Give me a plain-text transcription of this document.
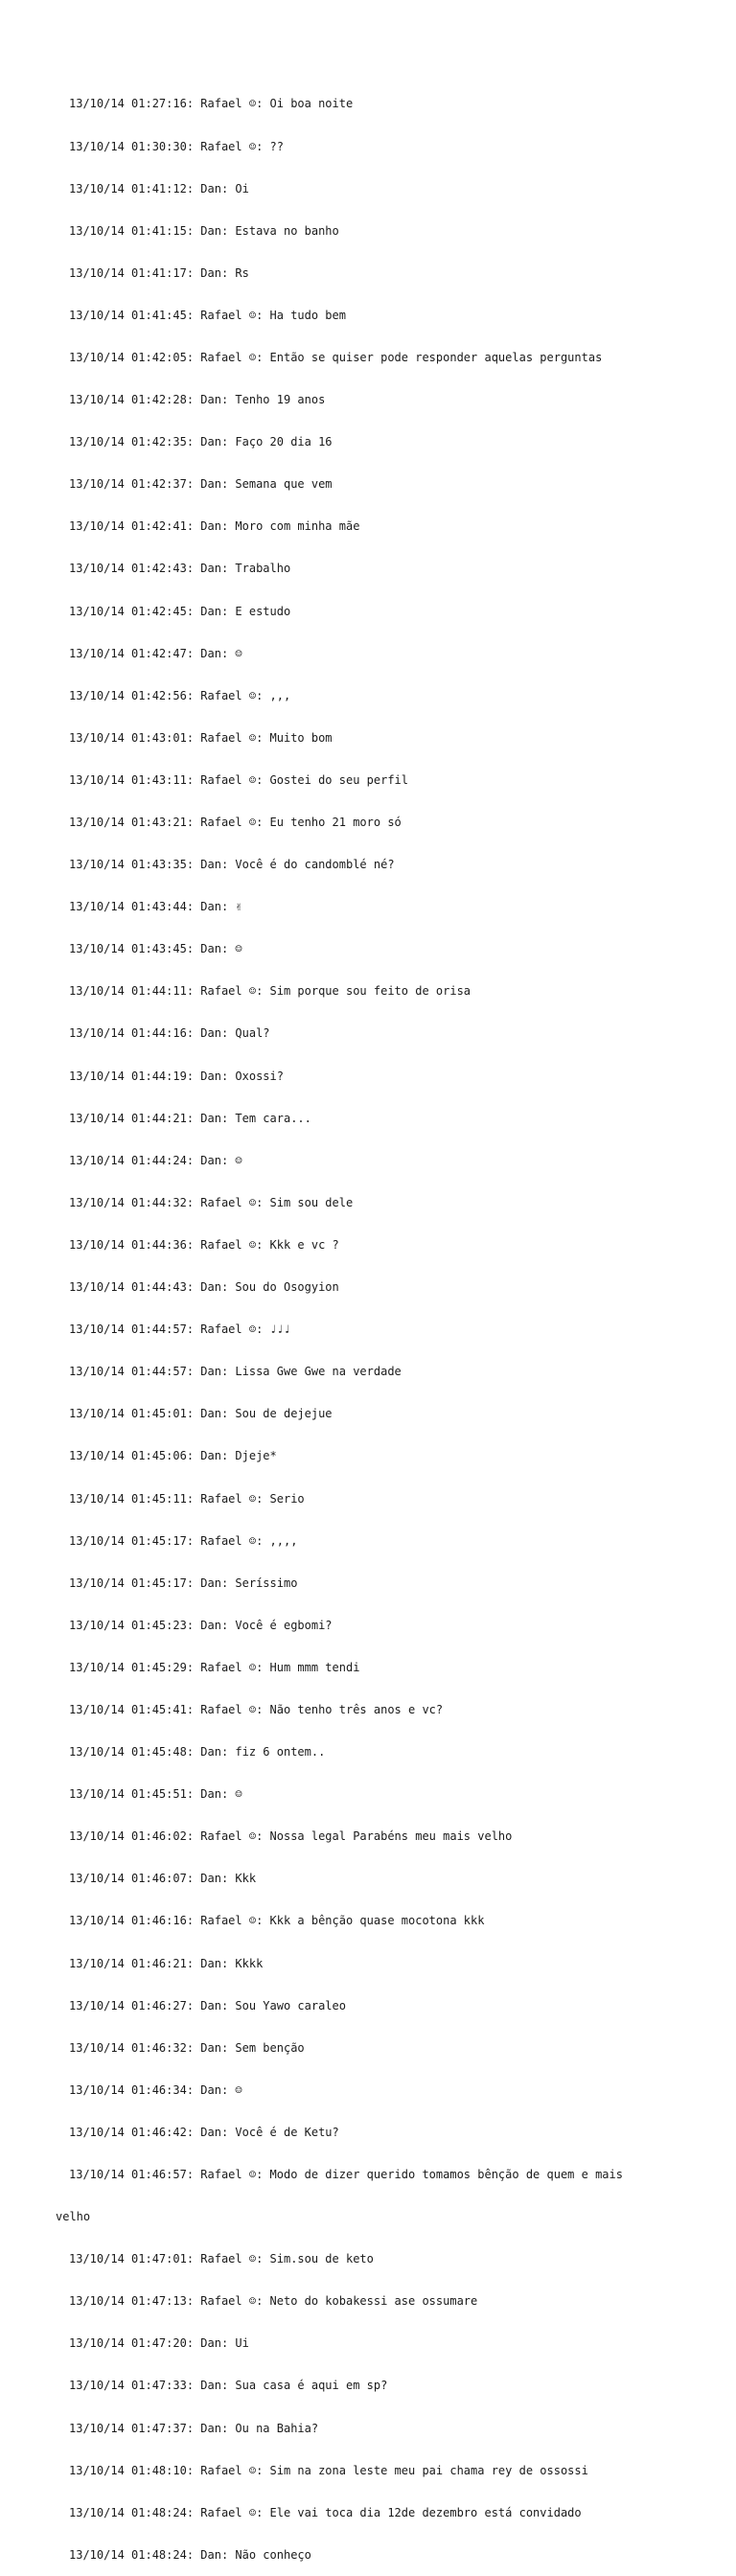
13/10/14 01:27:16: Rafael ☺: Oi boa noite

13/10/14 01:30:30: Rafael ☺: ??

13/10/14 01:41:12: Dan: Oi

13/10/14 01:41:15: Dan: Estava no banho

13/10/14 01:41:17: Dan: Rs

13/10/14 01:41:45: Rafael ☺: Ha tudo bem

13/10/14 01:42:05: Rafael ☺: Então se quiser pode responder aquelas perguntas

13/10/14 01:42:28: Dan: Tenho 19 anos

13/10/14 01:42:35: Dan: Faço 20 dia 16

13/10/14 01:42:37: Dan: Semana que vem

13/10/14 01:42:41: Dan: Moro com minha mãe

13/10/14 01:42:43: Dan: Trabalho

13/10/14 01:42:45: Dan: E estudo

13/10/14 01:42:47: Dan: ☺

13/10/14 01:42:56: Rafael ☺: ,,,

13/10/14 01:43:01: Rafael ☺: Muito bom

13/10/14 01:43:11: Rafael ☺: Gostei do seu perfil

13/10/14 01:43:21: Rafael ☺: Eu tenho 21 moro só

13/10/14 01:43:35: Dan: Você é do candomblé né?

13/10/14 01:43:44: Dan: ✌

13/10/14 01:43:45: Dan: ☺

13/10/14 01:44:11: Rafael ☺: Sim porque sou feito de orisa

13/10/14 01:44:16: Dan: Qual?

13/10/14 01:44:19: Dan: Oxossi?

13/10/14 01:44:21: Dan: Tem cara...

13/10/14 01:44:24: Dan: ☺

13/10/14 01:44:32: Rafael ☺: Sim sou dele

13/10/14 01:44:36: Rafael ☺: Kkk e vc ?

13/10/14 01:44:43: Dan: Sou do Osogyion

13/10/14 01:44:57: Rafael ☺: ♩♩♩

13/10/14 01:44:57: Dan: Lissa Gwe Gwe na verdade

13/10/14 01:45:01: Dan: Sou de dejejue

13/10/14 01:45:06: Dan: Djeje*

13/10/14 01:45:11: Rafael ☺: Serio

13/10/14 01:45:17: Rafael ☺: ,,,,

13/10/14 01:45:17: Dan: Seríssimo

13/10/14 01:45:23: Dan: Você é egbomi?

13/10/14 01:45:29: Rafael ☺: Hum mmm tendi

13/10/14 01:45:41: Rafael ☺: Não tenho três anos e vc?

13/10/14 01:45:48: Dan: fiz 6 ontem..

13/10/14 01:45:51: Dan: ☺

13/10/14 01:46:02: Rafael ☺: Nossa legal Parabéns meu mais velho

13/10/14 01:46:07: Dan: Kkk

13/10/14 01:46:16: Rafael ☺: Kkk a bênção quase mocotona kkk

13/10/14 01:46:21: Dan: Kkkk

13/10/14 01:46:27: Dan: Sou Yawo caraleo

13/10/14 01:46:32: Dan: Sem benção

13/10/14 01:46:34: Dan: ☺

13/10/14 01:46:42: Dan: Você é de Ketu?

13/10/14 01:46:57: Rafael ☺: Modo de dizer querido tomamos bênção de quem e mais

velho

13/10/14 01:47:01: Rafael ☺: Sim.sou de keto

13/10/14 01:47:13: Rafael ☺: Neto do kobakessi ase ossumare

13/10/14 01:47:20: Dan: Ui

13/10/14 01:47:33: Dan: Sua casa é aqui em sp?

13/10/14 01:47:37: Dan: Ou na Bahia?

13/10/14 01:48:10: Rafael ☺: Sim na zona leste meu pai chama rey de ossossi

13/10/14 01:48:24: Rafael ☺: Ele vai toca dia 12de dezembro está convidado

13/10/14 01:48:24: Dan: Não conheço
